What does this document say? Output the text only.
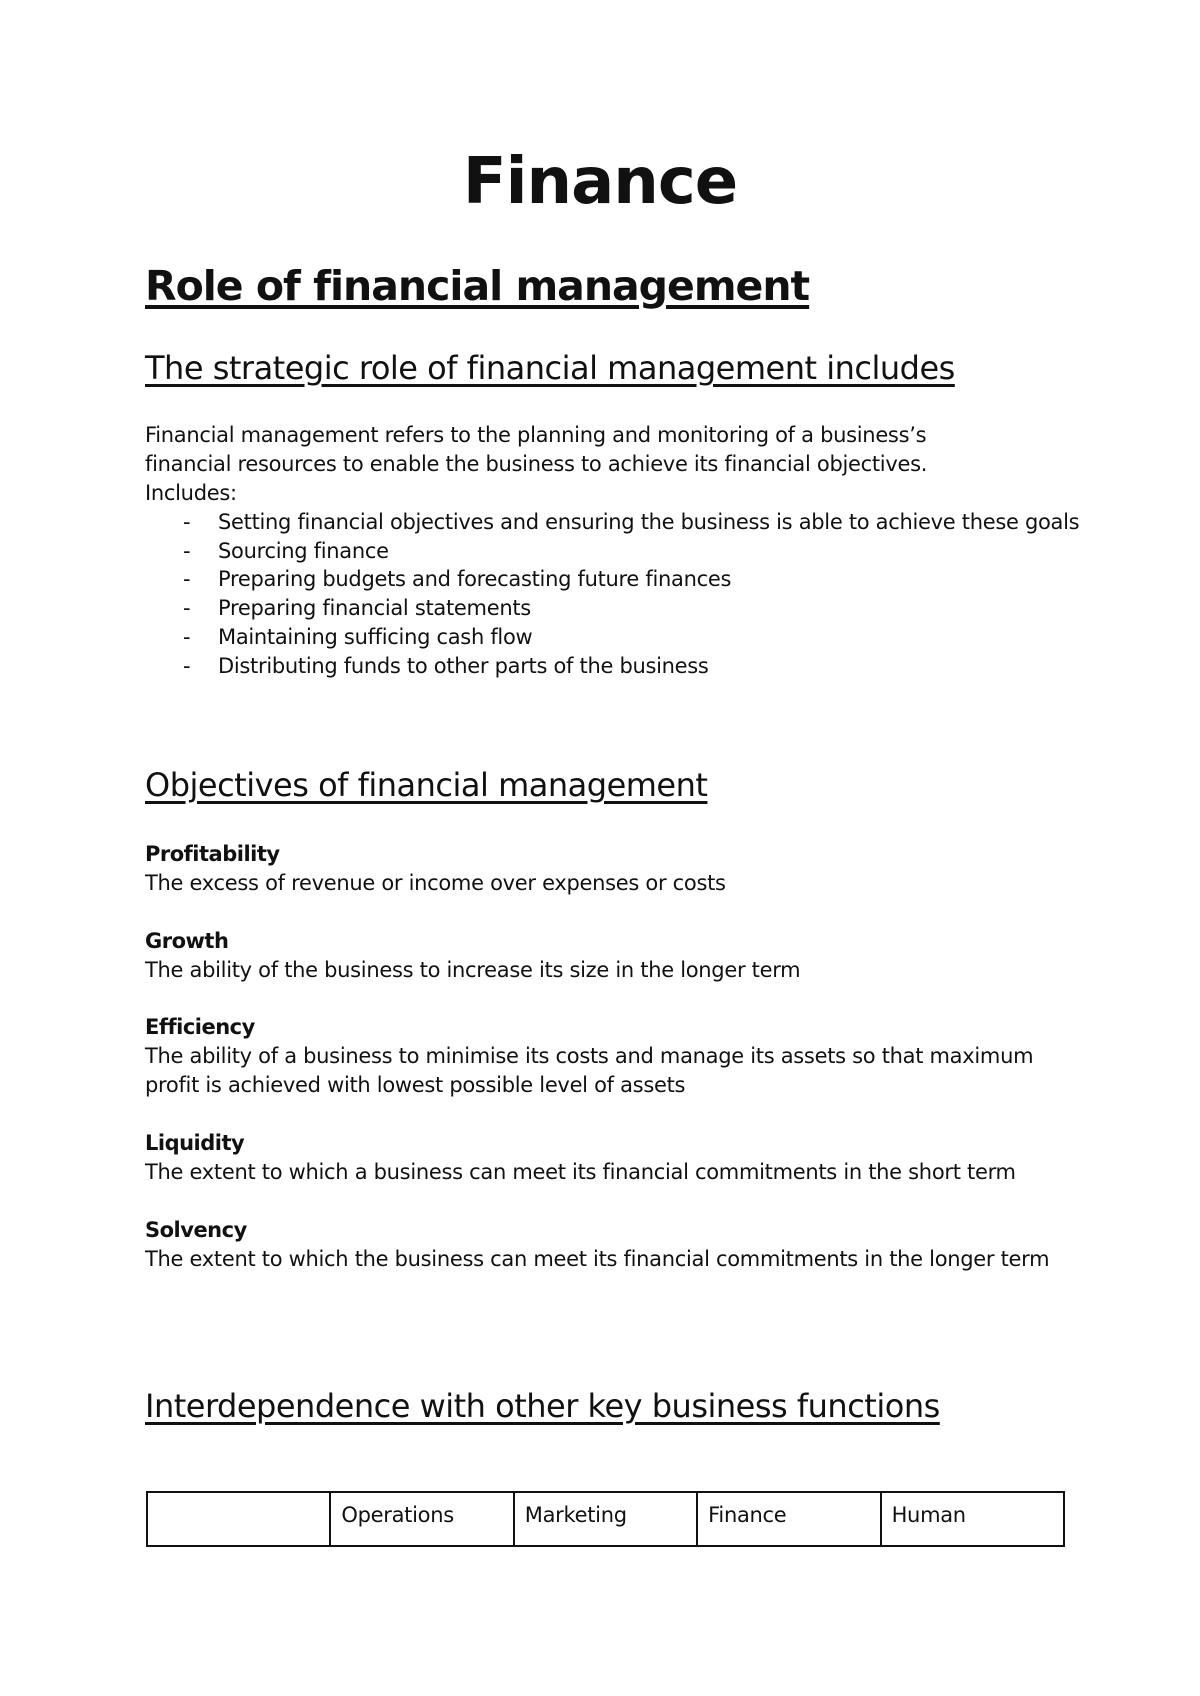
Finance
Role of financial management
The strategic role of financial management includes

Financial management refers to the planning and monitoring of a business’s
financial resources to enable the business to achieve its financial objectives.
Includes:

- Setting financial objectives and ensuring the business is able to achieve these goals
- Sourcing finance
- Preparing budgets and forecasting future finances
- Preparing financial statements
- Maintaining sufficing cash flow
- Distributing funds to other parts of the business
Objectives of financial management
Profitability
The excess of revenue or income over expenses or costs
Growth
The ability of the business to increase its size in the longer term
Efficiency
The ability of a business to minimise its costs and manage its assets so that maximum profit is achieved with lowest possible level of assets
Liquidity
The extent to which a business can meet its financial commitments in the short term
Solvency
The extent to which the business can meet its financial commitments in the longer term
Interdependence with other key business functions
	Operations	Marketing	Finance	Human
